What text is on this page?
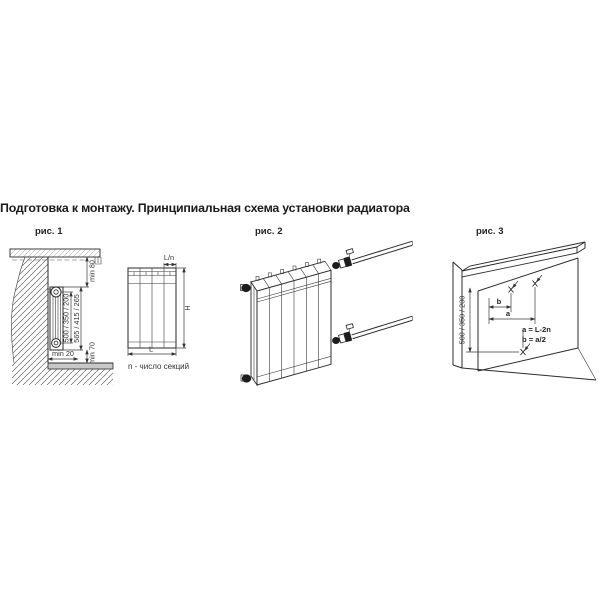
Подготовка к монтажу. Принципиальная схема установки радиатора
рис. 1	рис. 2	рис. 3
500 / 350 / 200 565 / 415 / 265
min 80
min 70
min 20
L/n
H
L
n - число секций
500 / 350 / 200	b
a
a = L-2n
b = a/2
